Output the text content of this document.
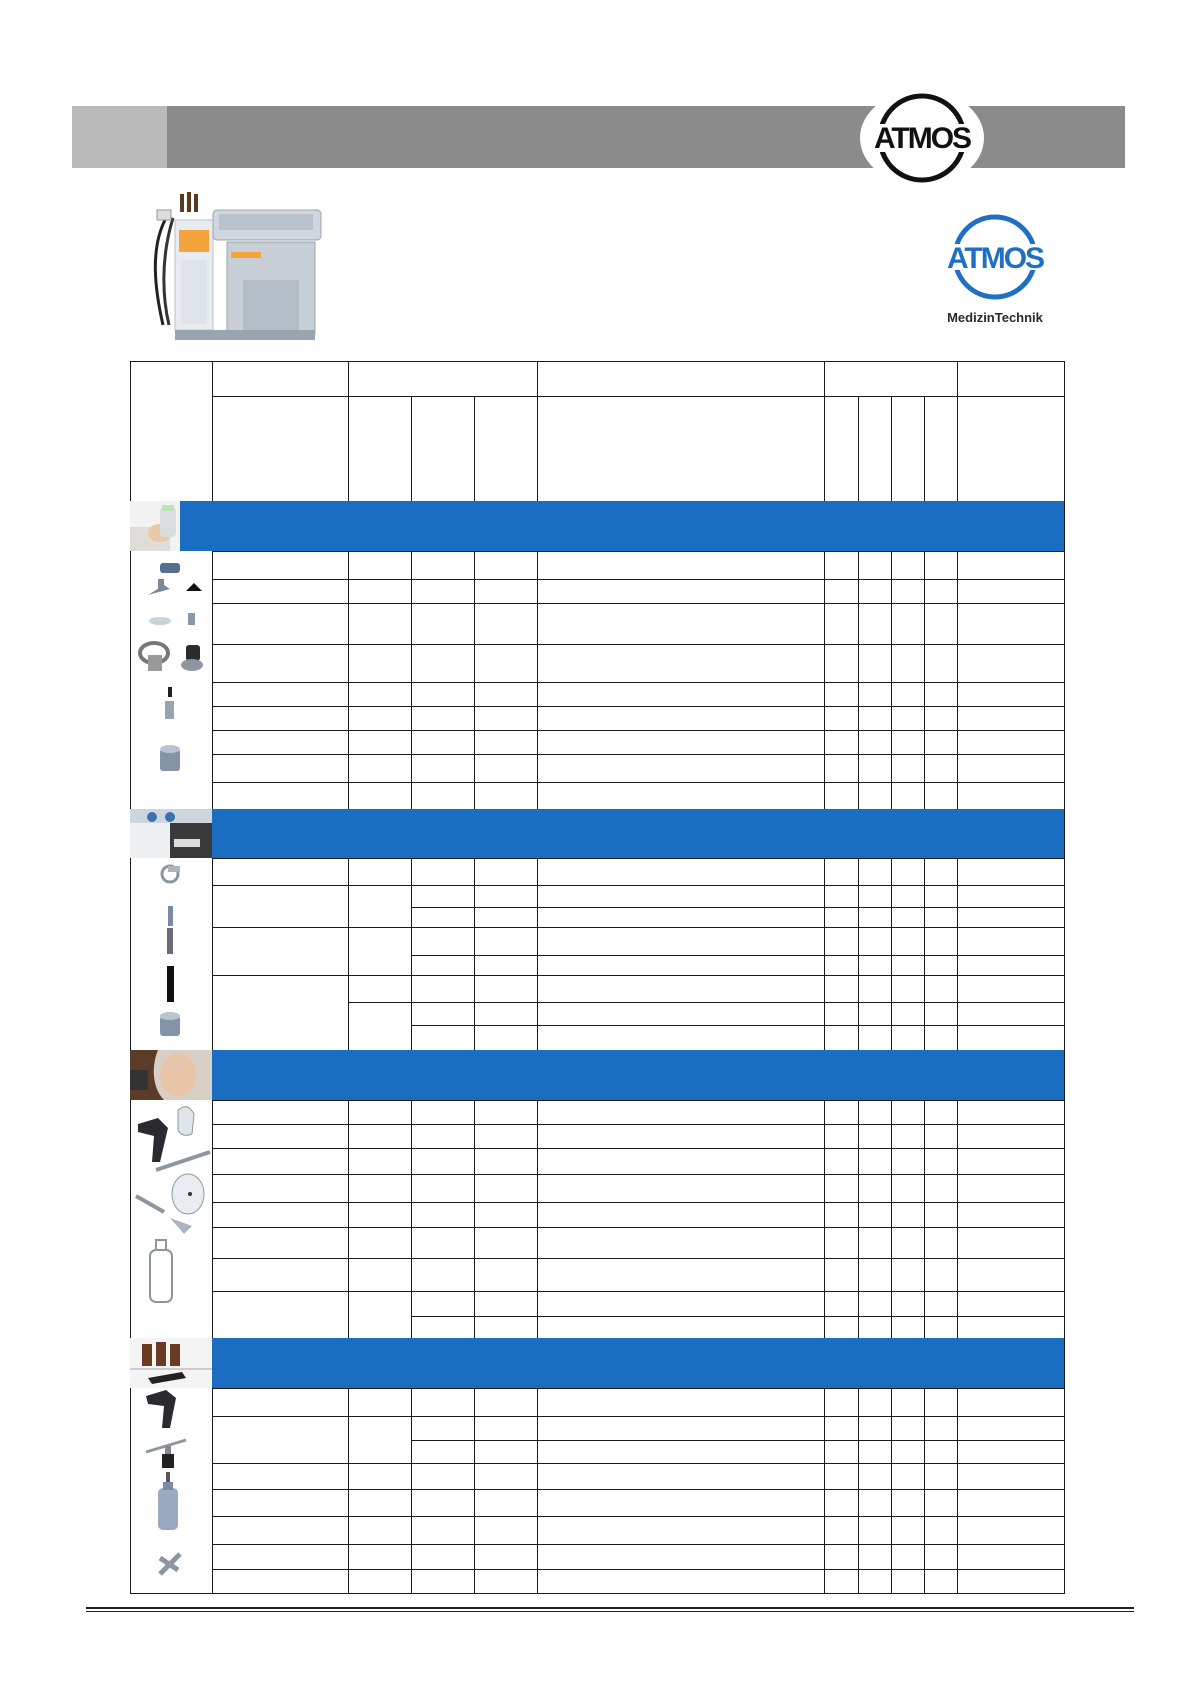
ATMOS
ATMOS
MedizinTechnik
